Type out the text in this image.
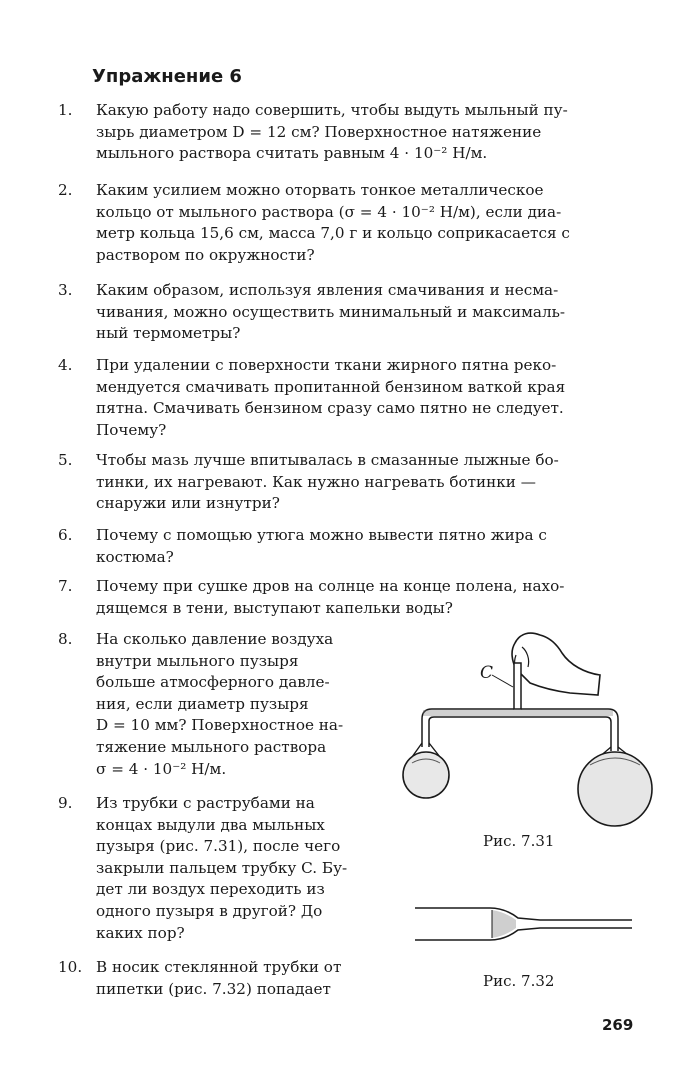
Упражнение 6
1.	Какую работу надо совершить, чтобы выдуть мыльный пу-
зырь диаметром D = 12 см? Поверхностное натяжение
мыльного раствора считать равным 4 · 10⁻² Н/м.
2.	Каким усилием можно оторвать тонкое металлическое
кольцо от мыльного раствора (σ = 4 · 10⁻² Н/м), если диа-
метр кольца 15,6 см, масса 7,0 г и кольцо соприкасается с
раствором по окружности?
3.	Каким образом, используя явления смачивания и несма-
чивания, можно осуществить минимальный и максималь-
ный термометры?
4.	При удалении с поверхности ткани жирного пятна реко-
мендуется смачивать пропитанной бензином ваткой края
пятна. Смачивать бензином сразу само пятно не следует.
Почему?
5.	Чтобы мазь лучше впитывалась в смазанные лыжные бо-
тинки, их нагревают. Как нужно нагревать ботинки —
снаружи или изнутри?
6.	Почему с помощью утюга можно вывести пятно жира с
костюма?
7.	Почему при сушке дров на солнце на конце полена, нахо-
дящемся в тени, выступают капельки воды?
8.	На сколько давление воздуха
внутри мыльного пузыря
больше атмосферного давле-
ния, если диаметр пузыря
D = 10 мм? Поверхностное на-
тяжение мыльного раствора
σ = 4 · 10⁻² Н/м.
9.	Из трубки с раструбами на
концах выдули два мыльных
пузыря (рис. 7.31), после чего
закрыли пальцем трубку C. Бу-
дет ли воздух переходить из
одного пузыря в другой? До
каких пор?
10. В носик стеклянной трубки от
пипетки (рис. 7.32) попадает
C
Рис. 7.31
Рис. 7.32
269
